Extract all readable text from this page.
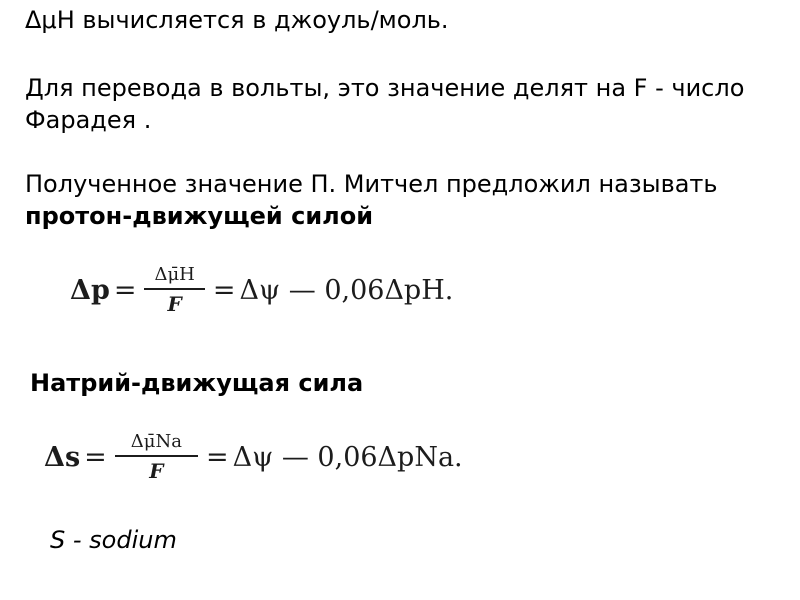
ΔμН вычисляется в джоуль/моль.

Для перевода в вольты, это значение делят на F - число
Фарадея .
Полученное значение П. Митчел предложил называть
протон-движущей силой
$\Delta p = \frac{\Delta\mūH}{F} = \Delta\psi$ — 0,06ΔpH.

Натрий-движущая сила

$\Delta s = \frac{\Delta\mūNa}{F} = \Delta\psi$ — 0,06ΔpNa.
S - sodium
